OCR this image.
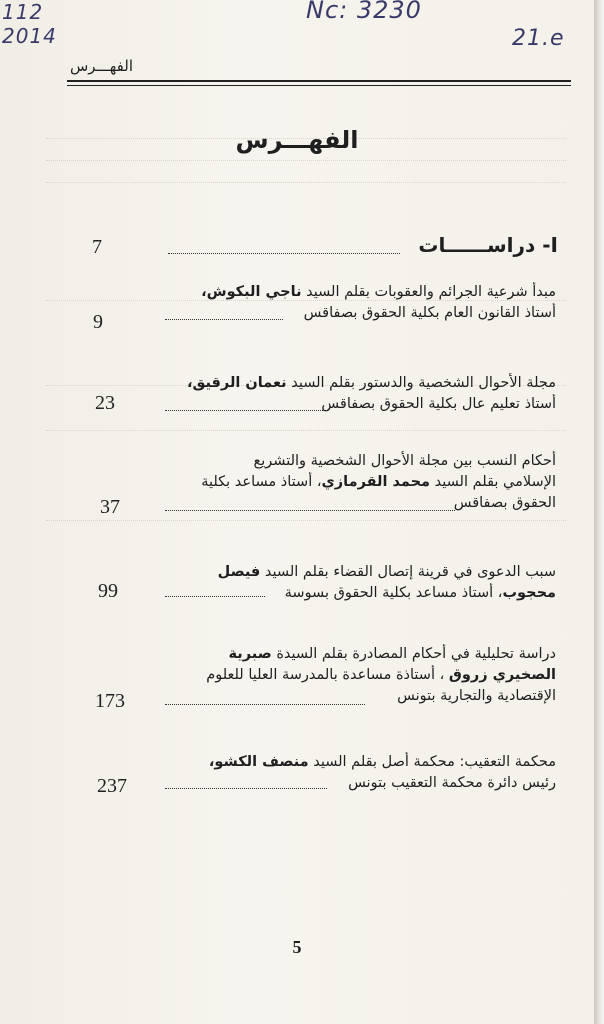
112
2014
Nc: 3230
21.e
الفهـــرس
الفهـــرس
I- دراســــــات
7
مبدأ شرعية الجرائم والعقوبات بقلم السيد ناجي البكوش،
أستاذ القانون العام بكلية الحقوق بصفاقس
9
مجلة الأحوال الشخصية والدستور بقلم السيد نعمان الرقيق،
أستاذ تعليم عال بكلية الحقوق بصفاقس
23
أحكام النسب بين مجلة الأحوال الشخصية والتشريع
الإسلامي بقلم السيد محمد القرمازي، أستاذ مساعد بكلية
الحقوق بصفاقس
37
سبب الدعوى في قرينة إتصال القضاء بقلم السيد فيصل
محجوب، أستاذ مساعد بكلية الحقوق بسوسة
99
دراسة تحليلية في أحكام المصادرة بقلم السيدة صبرية
الصخيري زروق ، أستاذة مساعدة بالمدرسة العليا للعلوم
الإقتصادية والتجارية بتونس
173
محكمة التعقيب: محكمة أصل بقلم السيد منصف الكشو،
رئيس دائرة محكمة التعقيب بتونس
237
5
